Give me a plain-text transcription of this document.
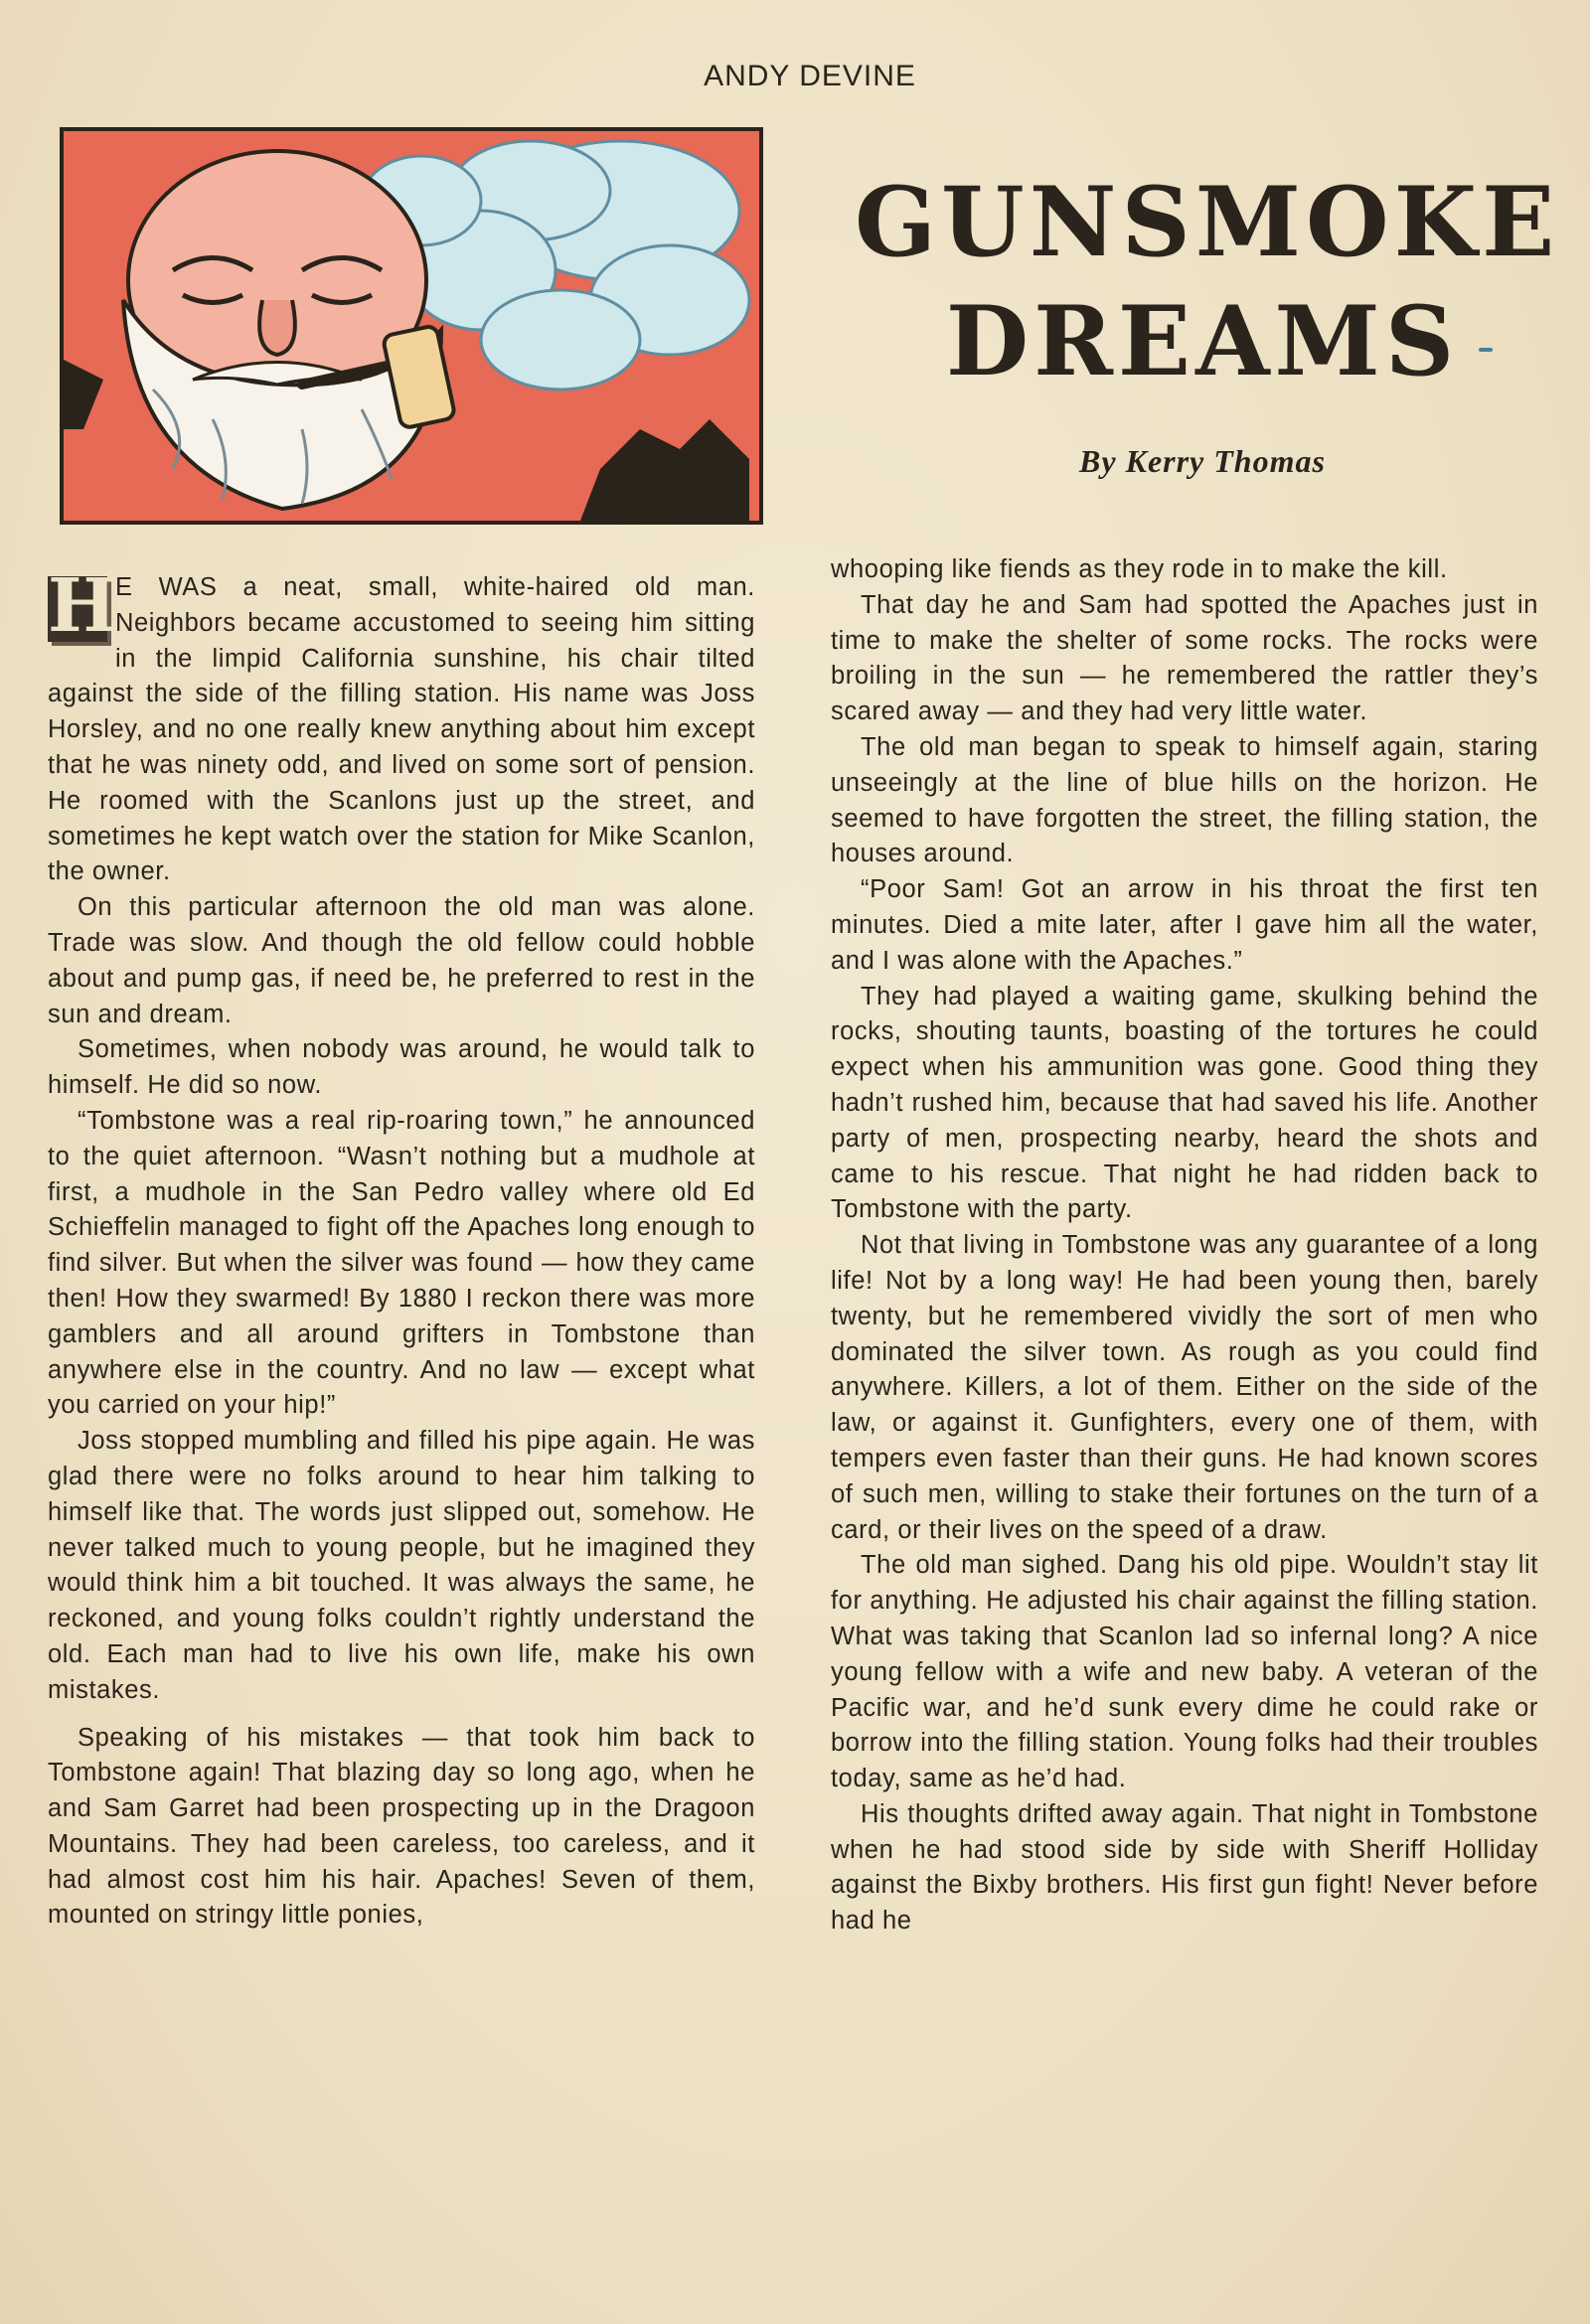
ANDY DEVINE
GUNSMOKE
DREAMS
By Kerry Thomas

H
E WAS a neat, small, white-haired old man. Neighbors became accustomed to seeing him sitting in the limpid California sunshine, his chair tilted against the side of the filling station. His name was Joss Horsley, and no one really knew anything about him except that he was ninety odd, and lived on some sort of pension. He roomed with the Scanlons just up the street, and sometimes he kept watch over the station for Mike Scanlon, the owner.

On this particular afternoon the old man was alone. Trade was slow. And though the old fellow could hobble about and pump gas, if need be, he preferred to rest in the sun and dream.

Sometimes, when nobody was around, he would talk to himself. He did so now.

“Tombstone was a real rip-roaring town,” he announced to the quiet afternoon. “Wasn’t nothing but a mudhole at first, a mudhole in the San Pedro valley where old Ed Schieffelin managed to fight off the Apaches long enough to find silver. But when the silver was found — how they came then! How they swarmed! By 1880 I reckon there was more gamblers and all around grifters in Tombstone than anywhere else in the country. And no law — except what you carried on your hip!”

Joss stopped mumbling and filled his pipe again. He was glad there were no folks around to hear him talking to himself like that. The words just slipped out, somehow. He never talked much to young people, but he imagined they would think him a bit touched. It was always the same, he reckoned, and young folks couldn’t rightly understand the old. Each man had to live his own life, make his own mistakes.

Speaking of his mistakes — that took him back to Tombstone again! That blazing day so long ago, when he and Sam Garret had been prospecting up in the Dragoon Mountains. They had been careless, too careless, and it had almost cost him his hair. Apaches! Seven of them, mounted on stringy little ponies,

whooping like fiends as they rode in to make the kill.

That day he and Sam had spotted the Apaches just in time to make the shelter of some rocks. The rocks were broiling in the sun — he remembered the rattler they’s scared away — and they had very little water.

The old man began to speak to himself again, staring unseeingly at the line of blue hills on the horizon. He seemed to have forgotten the street, the filling station, the houses around.

“Poor Sam! Got an arrow in his throat the first ten minutes. Died a mite later, after I gave him all the water, and I was alone with the Apaches.”

They had played a waiting game, skulking behind the rocks, shouting taunts, boasting of the tortures he could expect when his ammunition was gone. Good thing they hadn’t rushed him, because that had saved his life. Another party of men, prospecting nearby, heard the shots and came to his rescue. That night he had ridden back to Tombstone with the party.

Not that living in Tombstone was any guarantee of a long life! Not by a long way! He had been young then, barely twenty, but he remembered vividly the sort of men who dominated the silver town. As rough as you could find anywhere. Killers, a lot of them. Either on the side of the law, or against it. Gunfighters, every one of them, with tempers even faster than their guns. He had known scores of such men, willing to stake their fortunes on the turn of a card, or their lives on the speed of a draw.

The old man sighed. Dang his old pipe. Wouldn’t stay lit for anything. He adjusted his chair against the filling station. What was taking that Scanlon lad so infernal long? A nice young fellow with a wife and new baby. A veteran of the Pacific war, and he’d sunk every dime he could rake or borrow into the filling station. Young folks had their troubles today, same as he’d had.

His thoughts drifted away again. That night in Tombstone when he had stood side by side with Sheriff Holliday against the Bixby brothers. His first gun fight! Never before had he
